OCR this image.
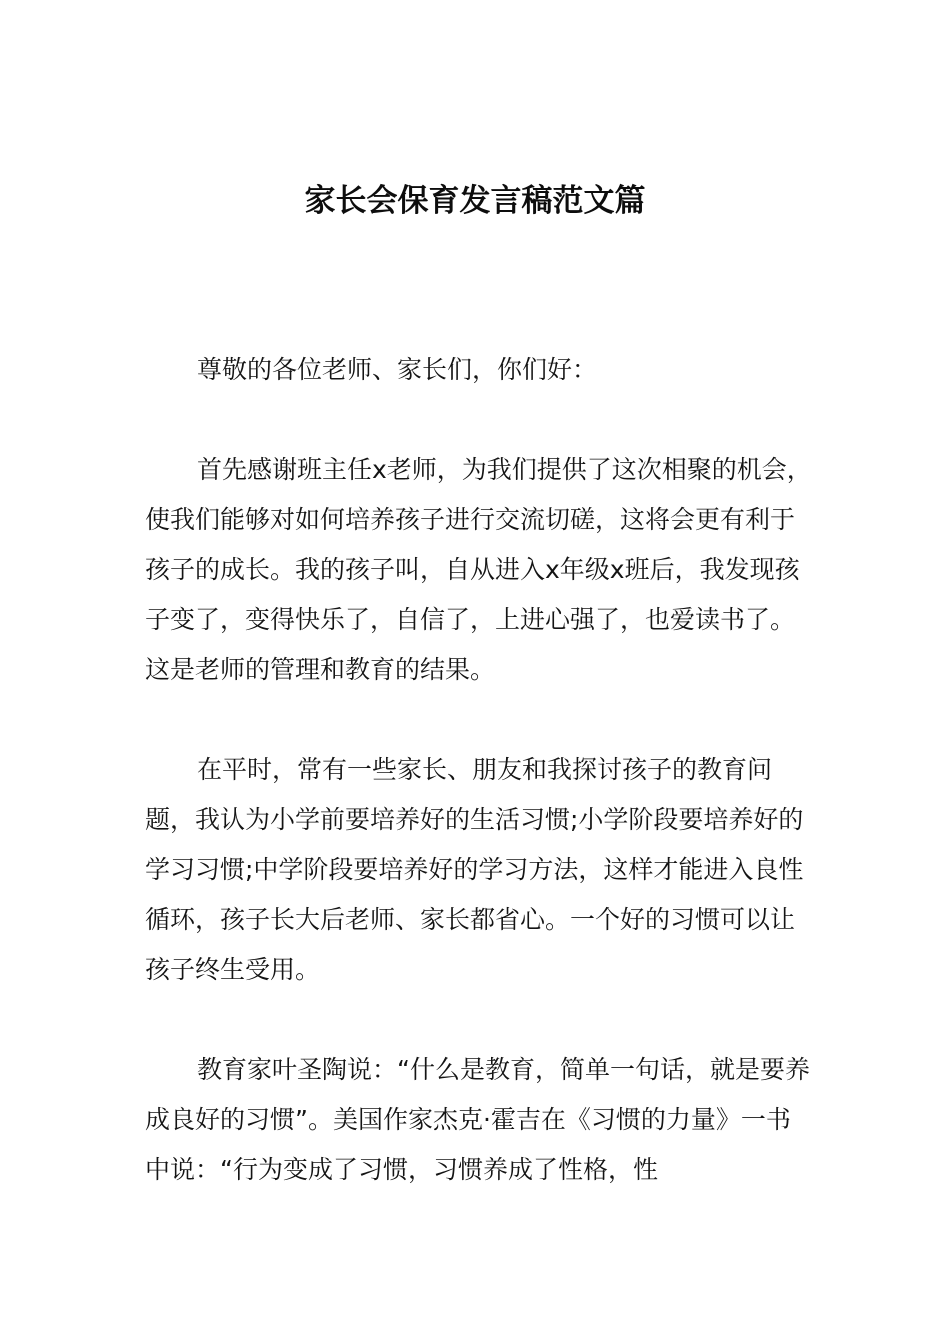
家长会保育发言稿范文篇

尊敬的各位老师、家长们，你们好：

首先感谢班主任x老师，为我们提供了这次相聚的机会，使我们能够对如何培养孩子进行交流切磋，这将会更有利于孩子的成长。我的孩子叫，自从进入x年级x班后，我发现孩子变了，变得快乐了，自信了，上进心强了，也爱读书了。这是老师的管理和教育的结果。

在平时，常有一些家长、朋友和我探讨孩子的教育问题，我认为小学前要培养好的生活习惯;小学阶段要培养好的学习习惯;中学阶段要培养好的学习方法，这样才能进入良性循环，孩子长大后老师、家长都省心。一个好的习惯可以让孩子终生受用。

教育家叶圣陶说：“什么是教育，简单一句话，就是要养成良好的习惯”。美国作家杰克·霍吉在《习惯的力量》一书中说：“行为变成了习惯，习惯养成了性格，性
